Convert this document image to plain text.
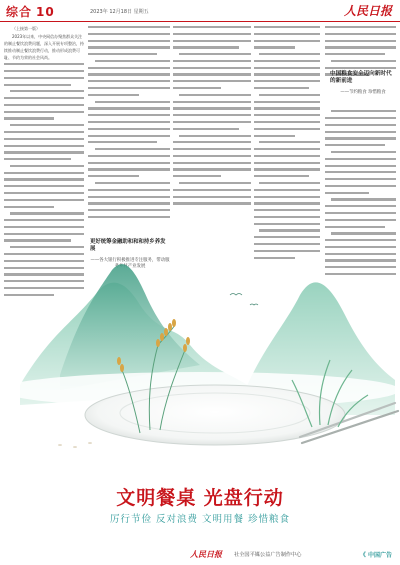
综合 10	2023年 12月18日 星期五	人民日报
（上接第一版）
2023年以来，中央网信办聚焦群众关注的制止餐饮浪费问题，深入开展专项整治，持续推动制止餐饮浪费行动，推动形成浪费可耻、节约为荣的社会风尚。
中国粮食安全迈向新时代的新前进
——节约粮食 珍惜粮食
更好统筹金融助和和和持乡养发展
——各大银行积极推进专注服务，带动服务乡村产业发展
文明餐桌 光盘行动
厉行节俭 反对浪费 文明用餐 珍惜粮食
人民日报 社全国平媒公益广告制作中心	《 中国广告
